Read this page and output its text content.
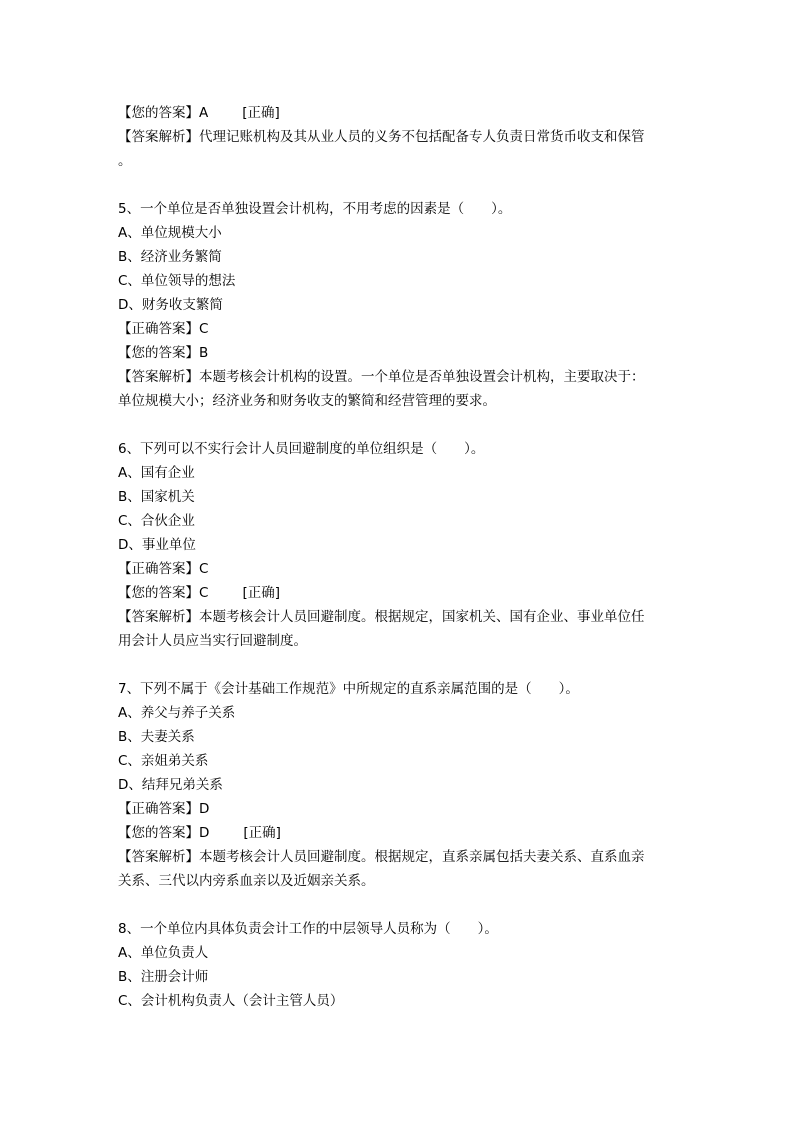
【您的答案】A	[正确]
【答案解析】代理记账机构及其从业人员的义务不包括配备专人负责日常货币收支和保管
。
5、一个单位是否单独设置会计机构，不用考虑的因素是（　　）。
A、单位规模大小
B、经济业务繁简
C、单位领导的想法
D、财务收支繁简
【正确答案】C
【您的答案】B
【答案解析】本题考核会计机构的设置。一个单位是否单独设置会计机构，主要取决于：
单位规模大小；经济业务和财务收支的繁简和经营管理的要求。
6、下列可以不实行会计人员回避制度的单位组织是（　　）。
A、国有企业
B、国家机关
C、合伙企业
D、事业单位
【正确答案】C
【您的答案】C	[正确]
【答案解析】本题考核会计人员回避制度。根据规定，国家机关、国有企业、事业单位任
用会计人员应当实行回避制度。
7、下列不属于《会计基础工作规范》中所规定的直系亲属范围的是（　　）。
A、养父与养子关系
B、夫妻关系
C、亲姐弟关系
D、结拜兄弟关系
【正确答案】D
【您的答案】D	[正确]
【答案解析】本题考核会计人员回避制度。根据规定，直系亲属包括夫妻关系、直系血亲
关系、三代以内旁系血亲以及近姻亲关系。
8、一个单位内具体负责会计工作的中层领导人员称为（　　）。
A、单位负责人
B、注册会计师
C、会计机构负责人（会计主管人员）
